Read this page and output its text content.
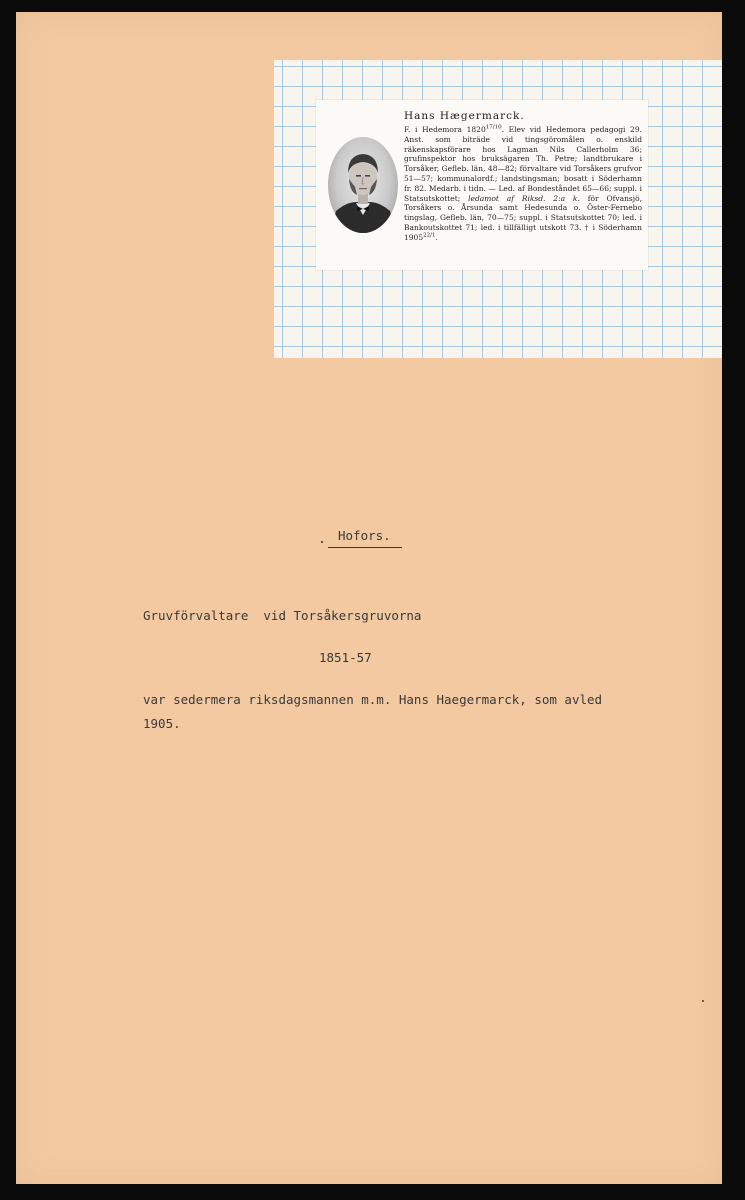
Hans Hægermarck.
F. i Hedemora $1820^{17/10}$. Elev vid Hedemora pedagogi 29. Anst. som biträde vid tingsgöromålen o. enskild räkenskapsförare hos Lagman Nils Callerholm 36; grufinspektor hos bruksägaren Th. Petre; landtbrukare i Torsåker, Gefleb. län, 48—82; förvaltare vid Torsåkers grufvor 51—57; kommunalordf.; landstingsman; bosatt i Söderhamn fr. 82. Medarb. i tidn. — Led. af Bondeståndet 65—66; suppl. i Statsutskottet; ledamot af Riksd. 2:a k. för Ofvansjö, Torsåkers o. Årsunda samt Hedesunda o. Öster-Fernebo tingslag, Gefleb. län, 70—75; suppl. i Statsutskottet 70; led. i Bankoutskottet 71; led. i tillfälligt utskott 73. † i Söderhamn $1905^{22/1}$.
Hofors.
Gruvförvaltare  vid Torsåkersgruvorna
1851-57
var sedermera riksdagsmannen m.m. Hans Haegermarck, som avled
1905.
